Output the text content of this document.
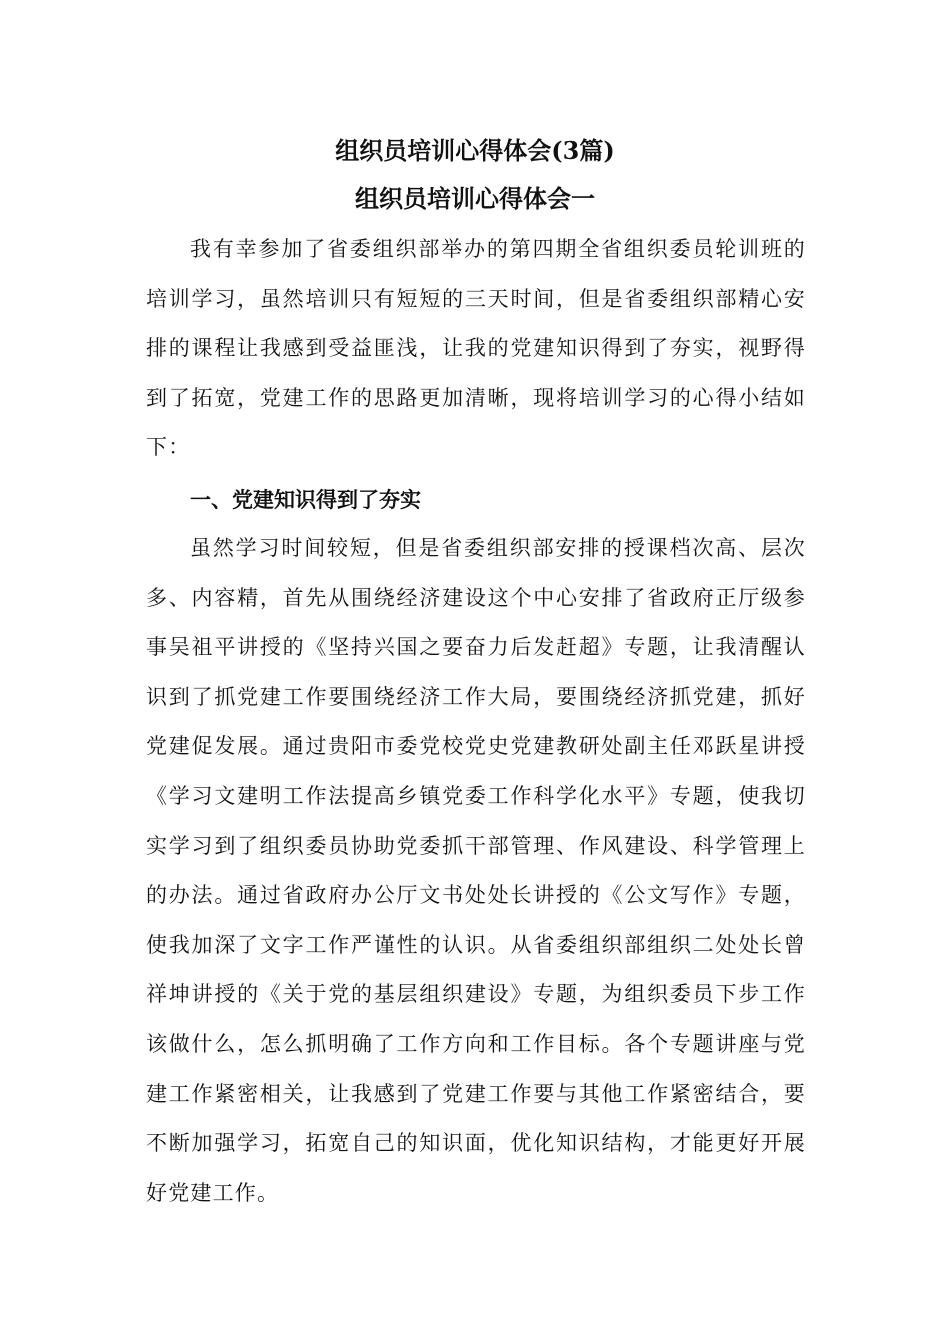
组织员培训心得体会(3篇)
组织员培训心得体会一

我有幸参加了省委组织部举办的第四期全省组织委员轮训班的培训学习，虽然培训只有短短的三天时间，但是省委组织部精心安排的课程让我感到受益匪浅，让我的党建知识得到了夯实，视野得到了拓宽，党建工作的思路更加清晰，现将培训学习的心得小结如下：

一、党建知识得到了夯实

虽然学习时间较短，但是省委组织部安排的授课档次高、层次多、内容精，首先从围绕经济建设这个中心安排了省政府正厅级参事吴祖平讲授的《坚持兴国之要奋力后发赶超》专题，让我清醒认识到了抓党建工作要围绕经济工作大局，要围绕经济抓党建，抓好党建促发展。通过贵阳市委党校党史党建教研处副主任邓跃星讲授《学习文建明工作法提高乡镇党委工作科学化水平》专题，使我切实学习到了组织委员协助党委抓干部管理、作风建设、科学管理上的办法。通过省政府办公厅文书处处长讲授的《公文写作》专题，使我加深了文字工作严谨性的认识。从省委组织部组织二处处长曾祥坤讲授的《关于党的基层组织建设》专题，为组织委员下步工作该做什么，怎么抓明确了工作方向和工作目标。各个专题讲座与党建工作紧密相关，让我感到了党建工作要与其他工作紧密结合，要不断加强学习，拓宽自己的知识面，优化知识结构，才能更好开展好党建工作。
